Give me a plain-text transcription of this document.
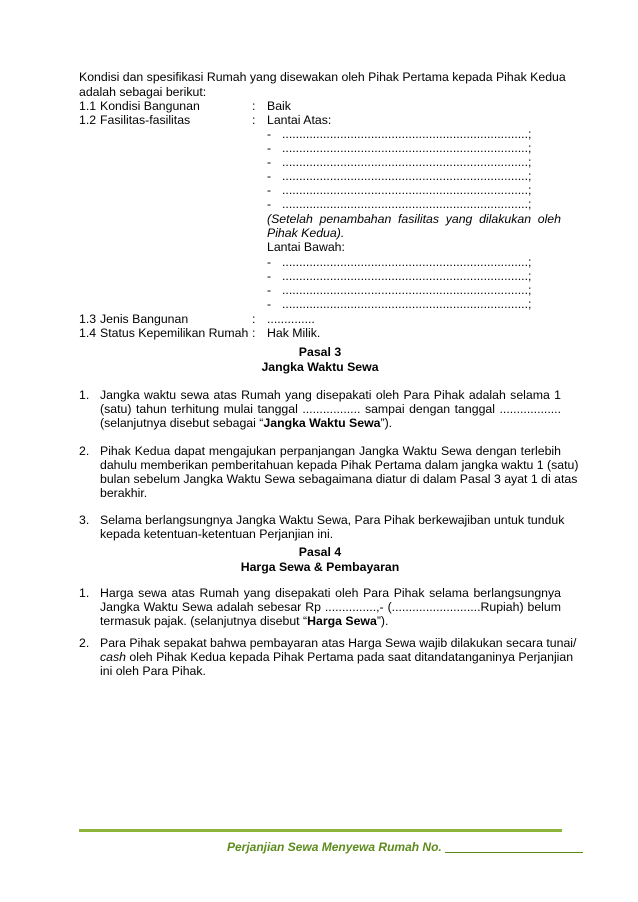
Kondisi dan spesifikasi Rumah yang disewakan oleh Pihak Pertama kepada Pihak Kedua
adalah sebagai berikut:
1.1 Kondisi Bangunan	: Baik
1.2 Fasilitas-fasilitas	: Lantai Atas:
- ........................................................................;
- ........................................................................;
- ........................................................................;
- ........................................................................;
- ........................................................................;
- ........................................................................;
(Setelah penambahan fasilitas yang dilakukan oleh
Pihak Kedua).
Lantai Bawah:
- ........................................................................;
- ........................................................................;
- ........................................................................;
- ........................................................................;
1.3 Jenis Bangunan	: ..............
1.4 Status Kepemilikan Rumah : Hak Milik.
Pasal 3
Jangka Waktu Sewa
1. Jangka waktu sewa atas Rumah yang disepakati oleh Para Pihak adalah selama 1
(satu) tahun terhitung mulai tanggal ................. sampai dengan tanggal ..................
(selanjutnya disebut sebagai “Jangka Waktu Sewa”).
2. Pihak Kedua dapat mengajukan perpanjangan Jangka Waktu Sewa dengan terlebih
dahulu memberikan pemberitahuan kepada Pihak Pertama dalam jangka waktu 1 (satu)
bulan sebelum Jangka Waktu Sewa sebagaimana diatur di dalam Pasal 3 ayat 1 di atas
berakhir.
3. Selama berlangsungnya Jangka Waktu Sewa, Para Pihak berkewajiban untuk tunduk
kepada ketentuan-ketentuan Perjanjian ini.
Pasal 4
Harga Sewa & Pembayaran
1. Harga sewa atas Rumah yang disepakati oleh Para Pihak selama berlangsungnya
Jangka Waktu Sewa adalah sebesar Rp ...............,- (..........................Rupiah) belum
termasuk pajak. (selanjutnya disebut “Harga Sewa”).
2. Para Pihak sepakat bahwa pembayaran atas Harga Sewa wajib dilakukan secara tunai/
cash oleh Pihak Kedua kepada Pihak Pertama pada saat ditandatanganinya Perjanjian
ini oleh Para Pihak.
Perjanjian Sewa Menyewa Rumah No.
